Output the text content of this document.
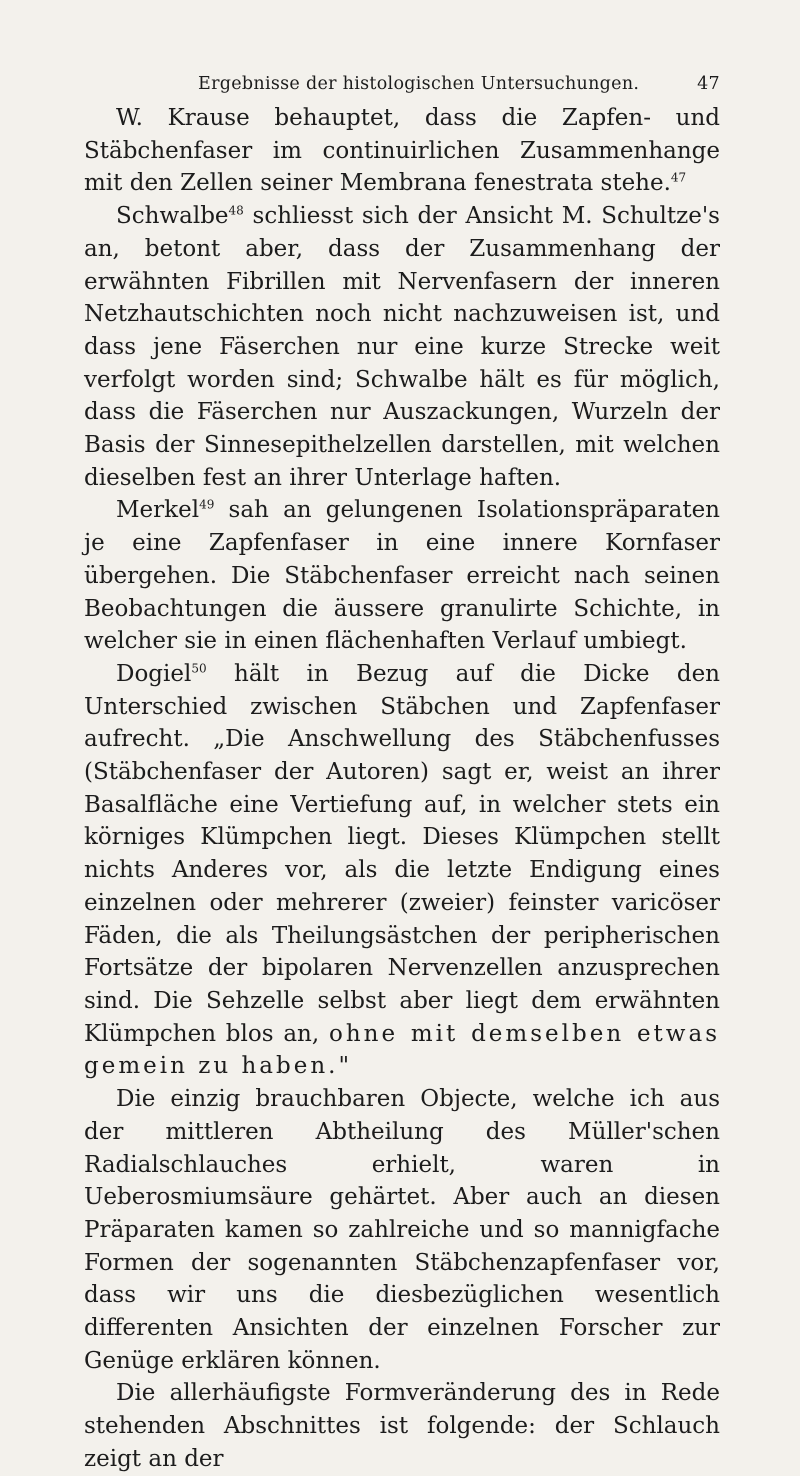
Ergebnisse der histologischen Untersuchungen.	47

W. Krause behauptet, dass die Zapfen- und Stäbchenfaser im continuirlichen Zusammenhange mit den Zellen seiner Membrana fenestrata stehe.$^{47}$

Schwalbe$^{48}$ schliesst sich der Ansicht M. Schultze's an, betont aber, dass der Zusammenhang der erwähnten Fibrillen mit Nervenfasern der inneren Netzhautschichten noch nicht nachzuweisen ist, und dass jene Fäserchen nur eine kurze Strecke weit verfolgt worden sind; Schwalbe hält es für möglich, dass die Fäserchen nur Auszackungen, Wurzeln der Basis der Sinnesepithelzellen darstellen, mit welchen dieselben fest an ihrer Unterlage haften.

Merkel$^{49}$ sah an gelungenen Isolationspräparaten je eine Zapfenfaser in eine innere Kornfaser übergehen. Die Stäbchenfaser erreicht nach seinen Beobachtungen die äussere granulirte Schichte, in welcher sie in einen flächenhaften Verlauf umbiegt.

Dogiel$^{50}$ hält in Bezug auf die Dicke den Unterschied zwischen Stäbchen und Zapfenfaser aufrecht. „Die Anschwellung des Stäbchenfusses (Stäbchenfaser der Autoren) sagt er, weist an ihrer Basalfläche eine Vertiefung auf, in welcher stets ein körniges Klümpchen liegt. Dieses Klümpchen stellt nichts Anderes vor, als die letzte Endigung eines einzelnen oder mehrerer (zweier) feinster varicöser Fäden, die als Theilungsästchen der peripherischen Fortsätze der bipolaren Nervenzellen anzusprechen sind. Die Sehzelle selbst aber liegt dem erwähnten Klümpchen blos an, ohne mit demselben etwas gemein zu haben."

Die einzig brauchbaren Objecte, welche ich aus der mittleren Abtheilung des Müller'schen Radialschlauches erhielt, waren in Ueberosmiumsäure gehärtet. Aber auch an diesen Präparaten kamen so zahlreiche und so mannigfache Formen der sogenannten Stäbchenzapfenfaser vor, dass wir uns die diesbezüglichen wesentlich differenten Ansichten der einzelnen Forscher zur Genüge erklären können.

Die allerhäufigste Formveränderung des in Rede stehenden Abschnittes ist folgende: der Schlauch zeigt an der
